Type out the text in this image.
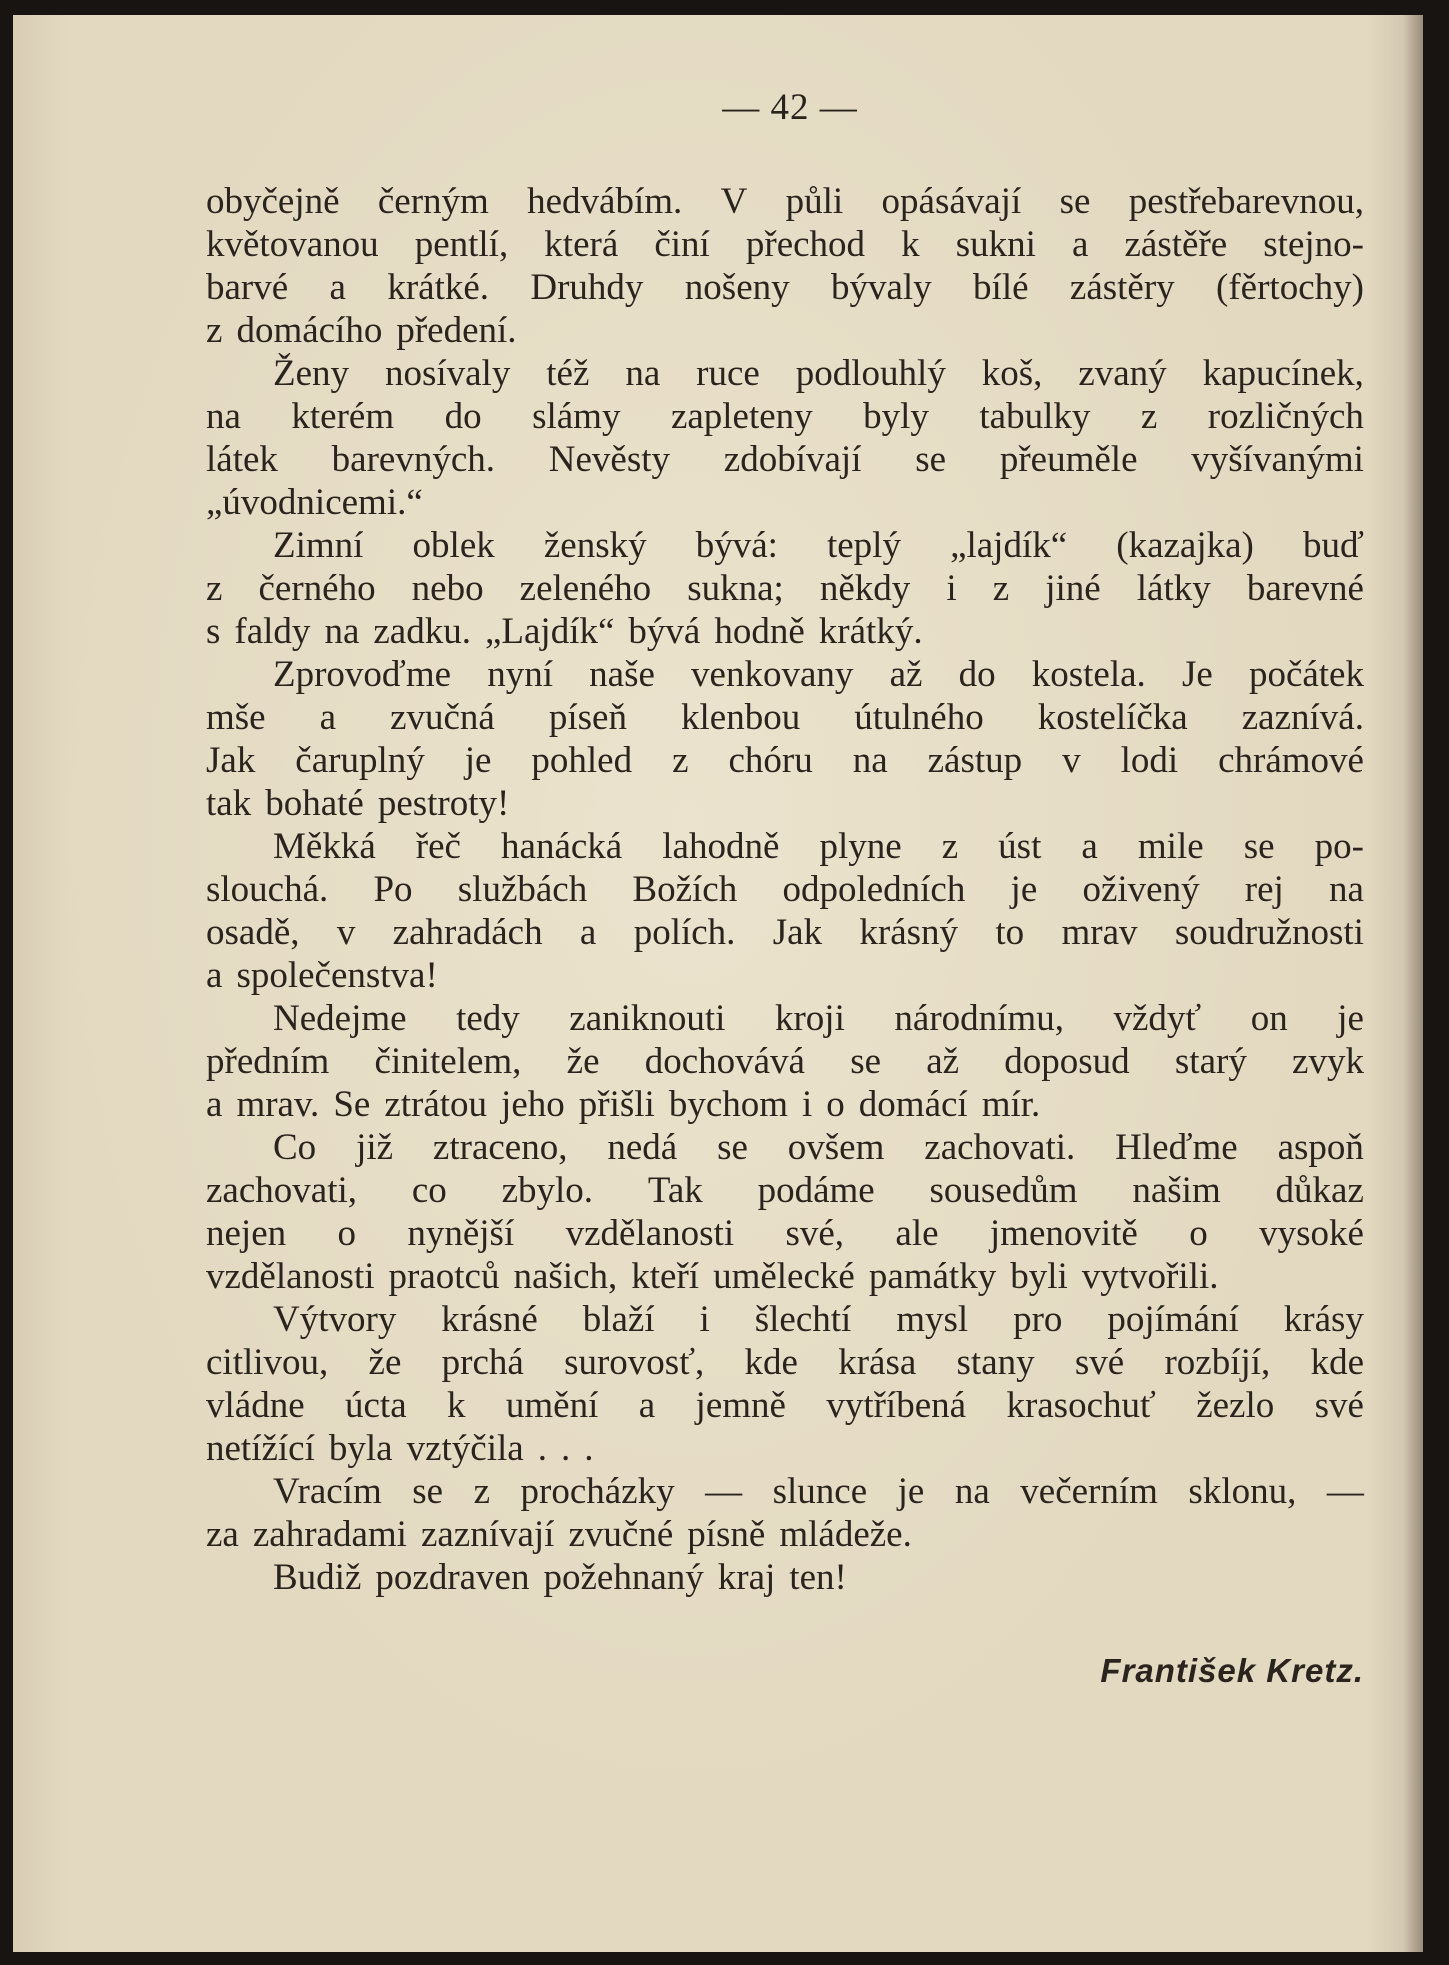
— 42 —
obyčejně černým hedvábím. V půli opásávají se pestřebarevnou,
květovanou pentlí, která činí přechod k sukni a zástěře stejno-
barvé a krátké. Druhdy nošeny bývaly bílé zástěry (fěrtochy)
z domácího předení.
Ženy nosívaly též na ruce podlouhlý koš, zvaný kapucínek,
na kterém do slámy zapleteny byly tabulky z rozličných
látek barevných. Nevěsty zdobívají se přeuměle vyšívanými
„úvodnicemi.“
Zimní oblek ženský bývá: teplý „lajdík“ (kazajka) buď
z černého nebo zeleného sukna; někdy i z jiné látky barevné
s faldy na zadku. „Lajdík“ bývá hodně krátký.
Zprovoďme nyní naše venkovany až do kostela. Je počátek
mše a zvučná píseň klenbou útulného kostelíčka zaznívá.
Jak čaruplný je pohled z chóru na zástup v lodi chrámové
tak bohaté pestroty!
Měkká řeč hanácká lahodně plyne z úst a mile se po-
slouchá. Po službách Božích odpoledních je oživený rej na
osadě, v zahradách a polích. Jak krásný to mrav soudružnosti
a společenstva!
Nedejme tedy zaniknouti kroji národnímu, vždyť on je
předním činitelem, že dochovává se až doposud starý zvyk
a mrav. Se ztrátou jeho přišli bychom i o domácí mír.
Co již ztraceno, nedá se ovšem zachovati. Hleďme aspoň
zachovati, co zbylo. Tak podáme sousedům našim důkaz
nejen o nynější vzdělanosti své, ale jmenovitě o vysoké
vzdělanosti praotců našich, kteří umělecké památky byli vytvořili.
Výtvory krásné blaží i šlechtí mysl pro pojímání krásy
citlivou, že prchá surovosť, kde krása stany své rozbíjí, kde
vládne úcta k umění a jemně vytříbená krasochuť žezlo své
netížící byla vztýčila . . .
Vracím se z procházky — slunce je na večerním sklonu, —
za zahradami zaznívají zvučné písně mládeže.
Budiž pozdraven požehnaný kraj ten!
František Kretz.
